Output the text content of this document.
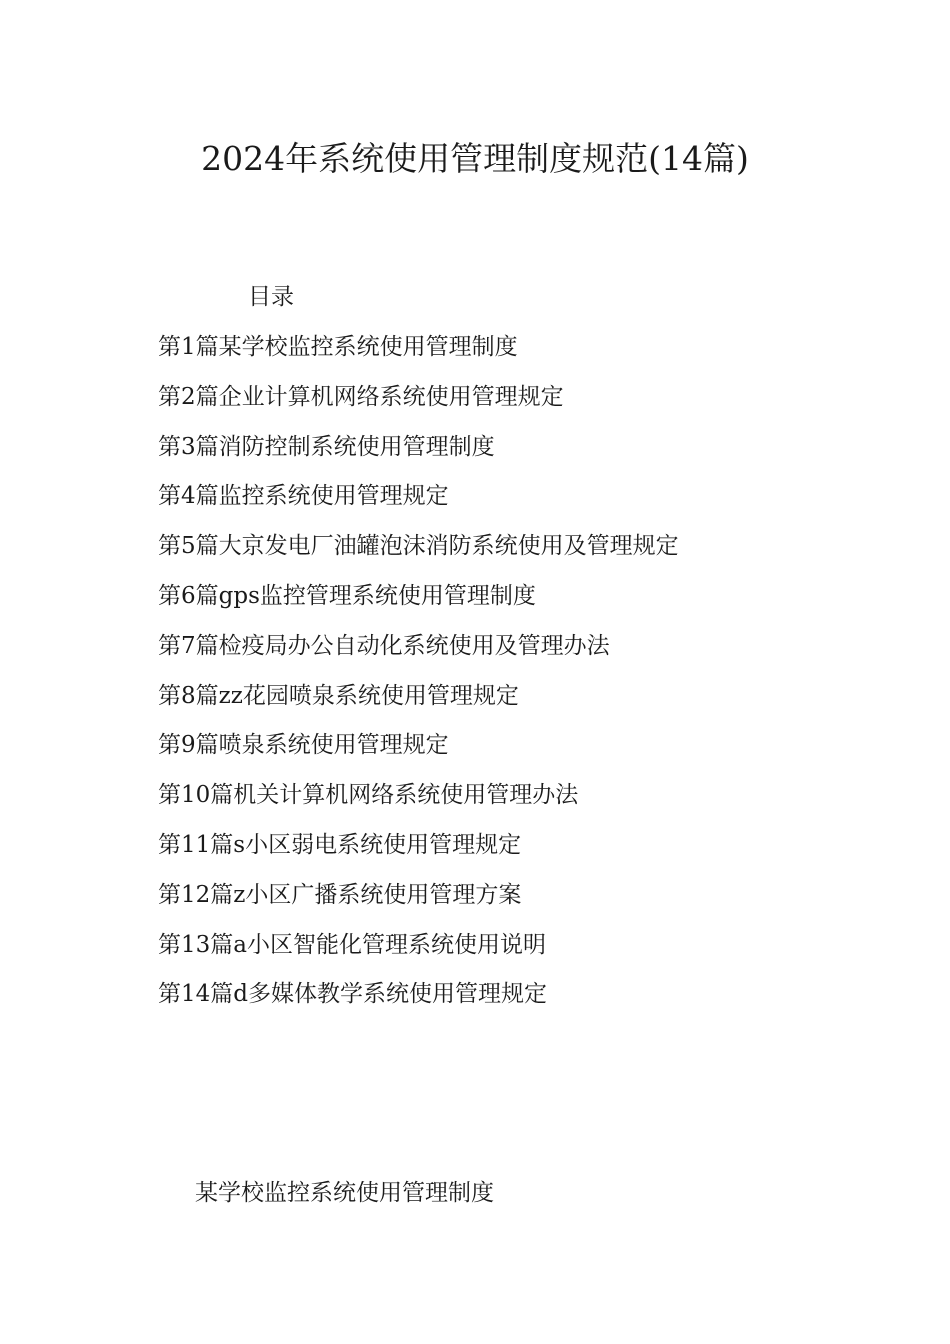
2024年系统使用管理制度规范(14篇)
目录
第1篇某学校监控系统使用管理制度
第2篇企业计算机网络系统使用管理规定
第3篇消防控制系统使用管理制度
第4篇监控系统使用管理规定
第5篇大京发电厂油罐泡沫消防系统使用及管理规定
第6篇gps监控管理系统使用管理制度
第7篇检疫局办公自动化系统使用及管理办法
第8篇zz花园喷泉系统使用管理规定
第9篇喷泉系统使用管理规定
第10篇机关计算机网络系统使用管理办法
第11篇s小区弱电系统使用管理规定
第12篇z小区广播系统使用管理方案
第13篇a小区智能化管理系统使用说明
第14篇d多媒体教学系统使用管理规定
某学校监控系统使用管理制度
